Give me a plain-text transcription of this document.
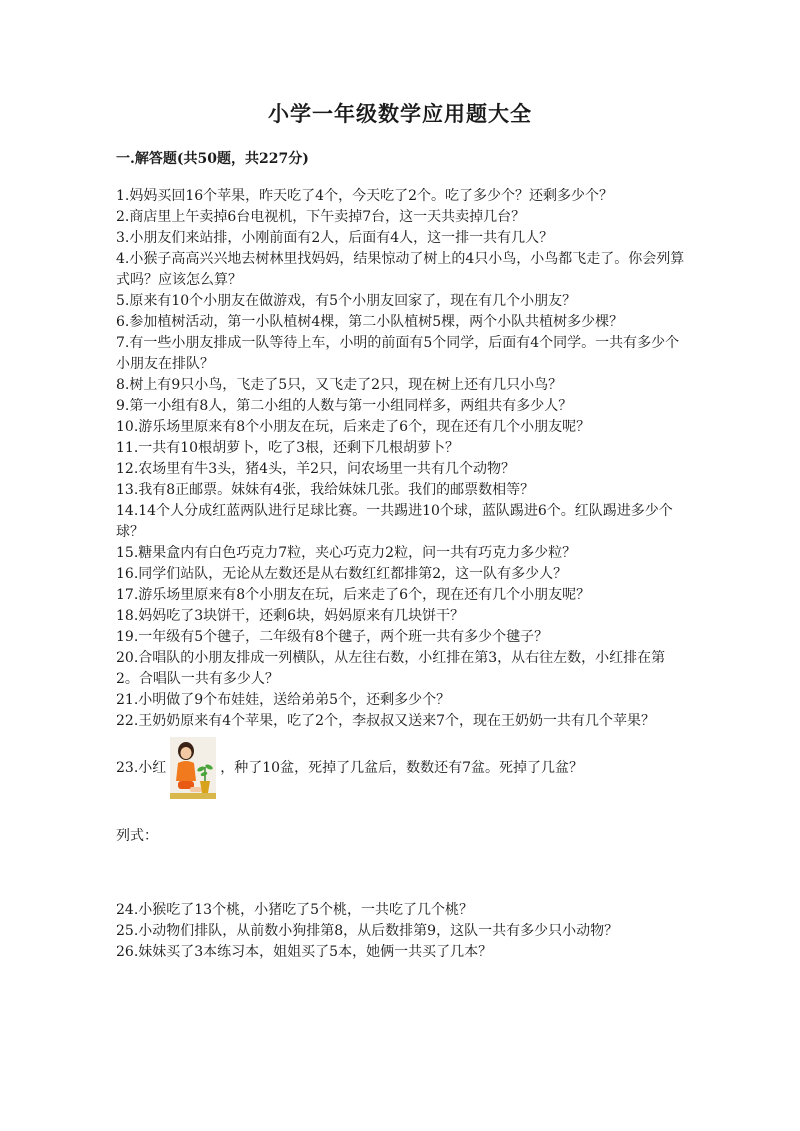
小学一年级数学应用题大全
一.解答题(共50题，共227分)

1.妈妈买回16个苹果，昨天吃了4个，今天吃了2个。吃了多少个？还剩多少个？

2.商店里上午卖掉6台电视机，下午卖掉7台，这一天共卖掉几台？

3.小朋友们来站排，小刚前面有2人，后面有4人，这一排一共有几人？

4.小猴子高高兴兴地去树林里找妈妈，结果惊动了树上的4只小鸟，小鸟都飞走了。你会列算式吗？应该怎么算？

5.原来有10个小朋友在做游戏，有5个小朋友回家了，现在有几个小朋友？

6.参加植树活动，第一小队植树4棵，第二小队植树5棵，两个小队共植树多少棵？

7.有一些小朋友排成一队等待上车，小明的前面有5个同学，后面有4个同学。一共有多少个小朋友在排队？

8.树上有9只小鸟，飞走了5只，又飞走了2只，现在树上还有几只小鸟？

9.第一小组有8人，第二小组的人数与第一小组同样多，两组共有多少人？

10.游乐场里原来有8个小朋友在玩，后来走了6个，现在还有几个小朋友呢？

11.一共有10根胡萝卜，吃了3根，还剩下几根胡萝卜？

12.农场里有牛3头，猪4头，羊2只，问农场里一共有几个动物？

13.我有8正邮票。妹妹有4张，我给妹妹几张。我们的邮票数相等？

14.14个人分成红蓝两队进行足球比赛。一共踢进10个球，蓝队踢进6个。红队踢进多少个球？

15.糖果盒内有白色巧克力7粒，夹心巧克力2粒，问一共有巧克力多少粒？

16.同学们站队，无论从左数还是从右数红红都排第2，这一队有多少人？

17.游乐场里原来有8个小朋友在玩，后来走了6个，现在还有几个小朋友呢？

18.妈妈吃了3块饼干，还剩6块，妈妈原来有几块饼干？

19.一年级有5个毽子，二年级有8个毽子，两个班一共有多少个毽子？

20.合唱队的小朋友排成一列横队，从左往右数，小红排在第3，从右往左数，小红排在第2。合唱队一共有多少人？

21.小明做了9个布娃娃，送给弟弟5个，还剩多少个？

22.王奶奶原来有4个苹果，吃了2个，李叔叔又送来7个，现在王奶奶一共有几个苹果？

23.小红	，种了10盆，死掉了几盆后，数数还有7盆。死掉了几盆？

列式：

24.小猴吃了13个桃，小猪吃了5个桃，一共吃了几个桃？

25.小动物们排队，从前数小狗排第8，从后数排第9，这队一共有多少只小动物？

26.妹妹买了3本练习本，姐姐买了5本，她俩一共买了几本？
